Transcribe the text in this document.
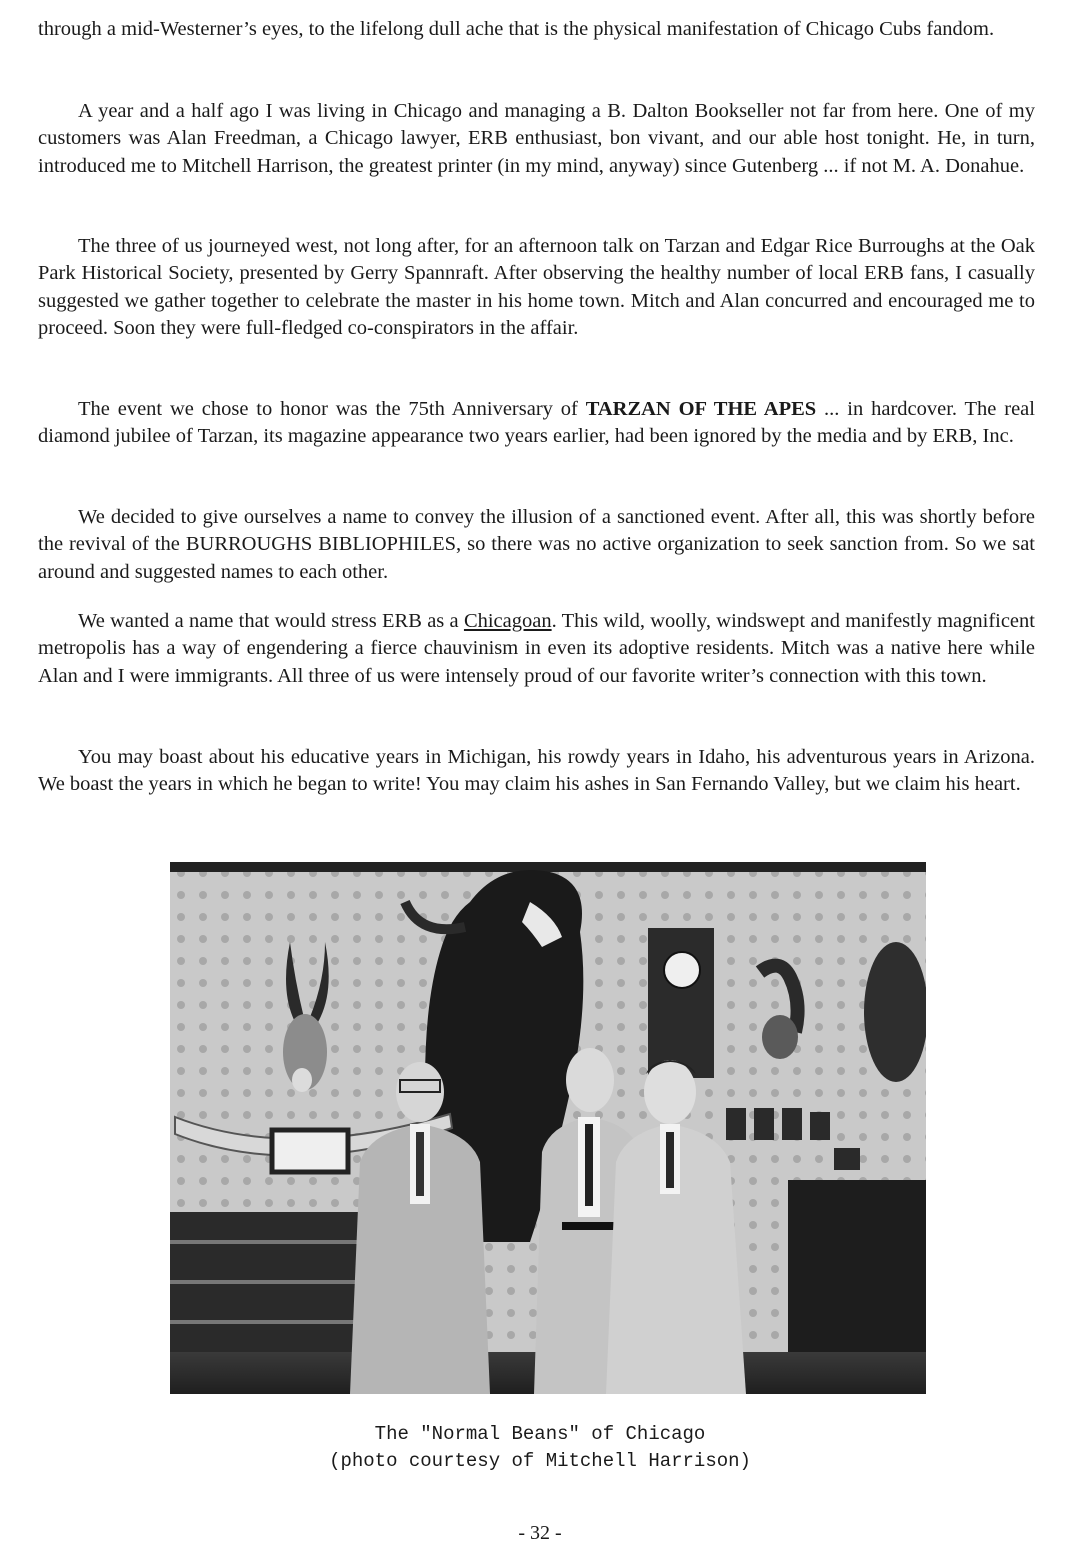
through a mid-Westerner’s eyes, to the lifelong dull ache that is the physical manifestation of Chicago Cubs fandom.

A year and a half ago I was living in Chicago and managing a B. Dalton Bookseller not far from here. One of my customers was Alan Freedman, a Chicago lawyer, ERB enthusiast, bon vivant, and our able host tonight. He, in turn, introduced me to Mitchell Harrison, the greatest printer (in my mind, anyway) since Gutenberg ... if not M. A. Donahue.

The three of us journeyed west, not long after, for an afternoon talk on Tarzan and Edgar Rice Burroughs at the Oak Park Historical Society, presented by Gerry Spannraft. After observing the healthy number of local ERB fans, I casually suggested we gather together to celebrate the master in his home town. Mitch and Alan concurred and encouraged me to proceed. Soon they were full-fledged co-conspirators in the affair.

The event we chose to honor was the 75th Anniversary of TARZAN OF THE APES ... in hardcover. The real diamond jubilee of Tarzan, its magazine appearance two years earlier, had been ignored by the media and by ERB, Inc.

We decided to give ourselves a name to convey the illusion of a sanctioned event. After all, this was shortly before the revival of the BURROUGHS BIBLIOPHILES, so there was no active organization to seek sanction from. So we sat around and suggested names to each other.

We wanted a name that would stress ERB as a Chicagoan. This wild, woolly, windswept and manifestly magnificent metropolis has a way of engendering a fierce chauvinism in even its adoptive residents. Mitch was a native here while Alan and I were immigrants. All three of us were intensely proud of our favorite writer’s connection with this town.

You may boast about his educative years in Michigan, his rowdy years in Idaho, his adventurous years in Arizona. We boast the years in which he began to write! You may claim his ashes in San Fernando Valley, but we claim his heart.

The "Normal Beans" of Chicago
(photo courtesy of Mitchell Harrison)
- 32 -
